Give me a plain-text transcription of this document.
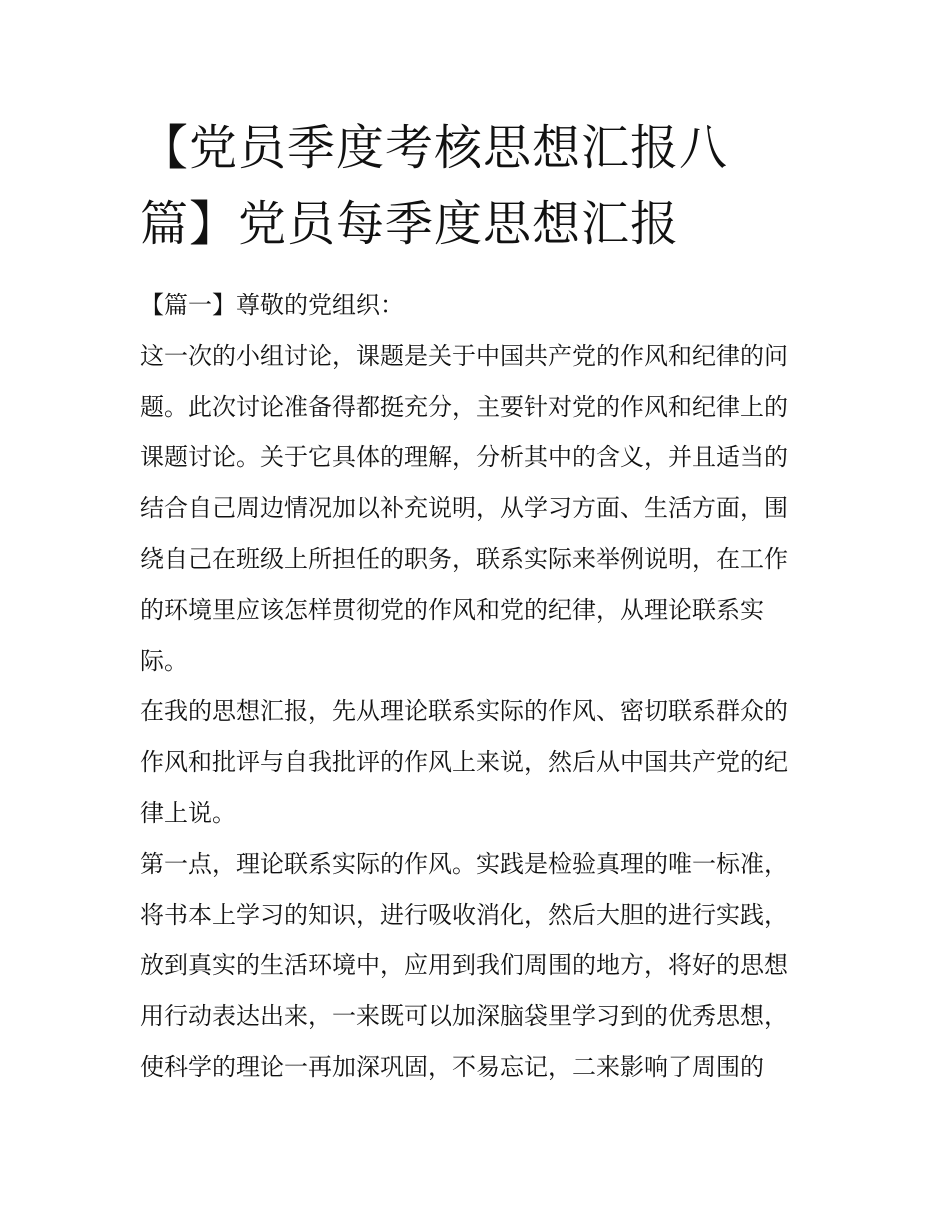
【党员季度考核思想汇报八
篇】党员每季度思想汇报
【篇一】尊敬的党组织：
这一次的小组讨论，课题是关于中国共产党的作风和纪律的问
题。此次讨论准备得都挺充分，主要针对党的作风和纪律上的
课题讨论。关于它具体的理解，分析其中的含义，并且适当的
结合自己周边情况加以补充说明，从学习方面、生活方面，围
绕自己在班级上所担任的职务，联系实际来举例说明，在工作
的环境里应该怎样贯彻党的作风和党的纪律，从理论联系实
际。
在我的思想汇报，先从理论联系实际的作风、密切联系群众的
作风和批评与自我批评的作风上来说，然后从中国共产党的纪
律上说。
第一点，理论联系实际的作风。实践是检验真理的唯一标准，
将书本上学习的知识，进行吸收消化，然后大胆的进行实践，
放到真实的生活环境中，应用到我们周围的地方，将好的思想
用行动表达出来，一来既可以加深脑袋里学习到的优秀思想，
使科学的理论一再加深巩固，不易忘记，二来影响了周围的
